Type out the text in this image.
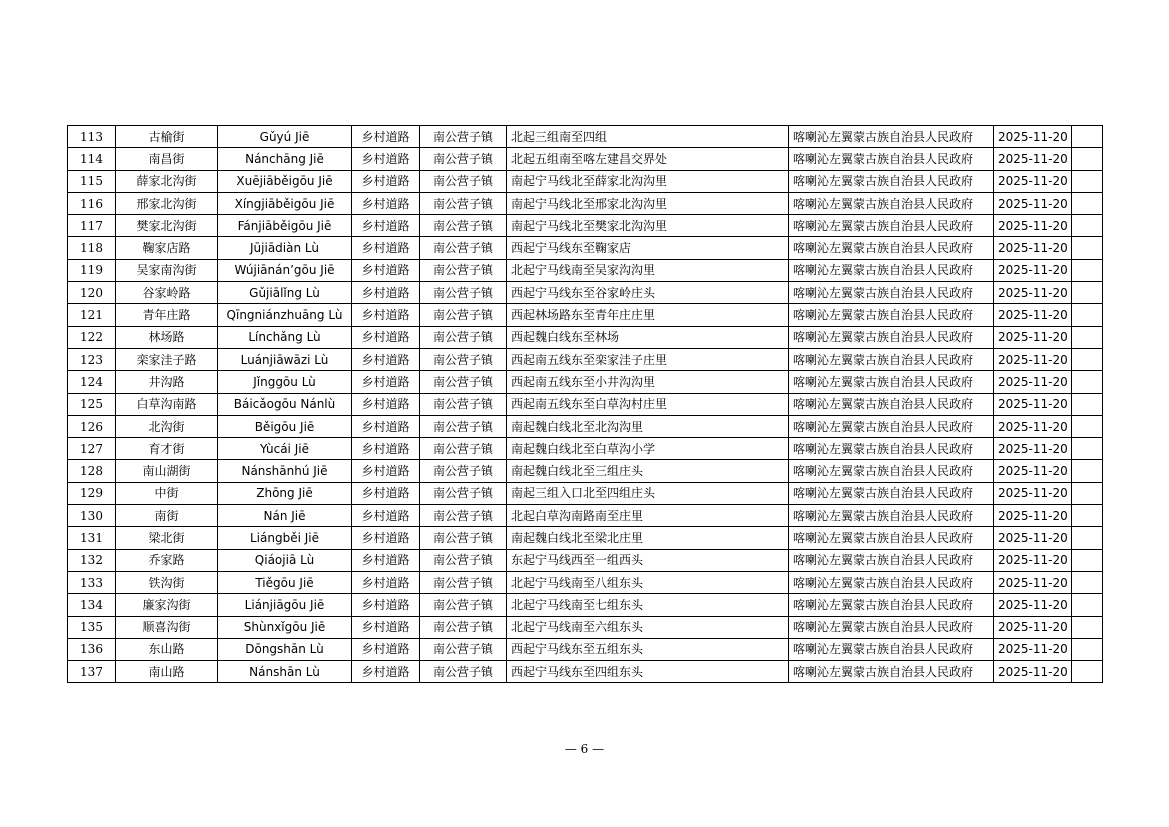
113	古榆街	Gǔyú Jiē	乡村道路	南公营子镇	北起三组南至四组	喀喇沁左翼蒙古族自治县人民政府	2025-11-20	
114	南昌街	Nánchāng Jiē	乡村道路	南公营子镇	北起五组南至喀左建昌交界处	喀喇沁左翼蒙古族自治县人民政府	2025-11-20	
115	薛家北沟街	Xuējiāběigōu Jiē	乡村道路	南公营子镇	南起宁马线北至薛家北沟沟里	喀喇沁左翼蒙古族自治县人民政府	2025-11-20	
116	邢家北沟街	Xíngjiāběigōu Jiē	乡村道路	南公营子镇	南起宁马线北至邢家北沟沟里	喀喇沁左翼蒙古族自治县人民政府	2025-11-20	
117	樊家北沟街	Fánjiāběigōu Jiē	乡村道路	南公营子镇	南起宁马线北至樊家北沟沟里	喀喇沁左翼蒙古族自治县人民政府	2025-11-20	
118	鞠家店路	Jūjiādiàn Lù	乡村道路	南公营子镇	西起宁马线东至鞠家店	喀喇沁左翼蒙古族自治县人民政府	2025-11-20	
119	吴家南沟街	Wújiānán’gōu Jiē	乡村道路	南公营子镇	北起宁马线南至吴家沟沟里	喀喇沁左翼蒙古族自治县人民政府	2025-11-20	
120	谷家岭路	Gǔjiālǐng Lù	乡村道路	南公营子镇	西起宁马线东至谷家岭庄头	喀喇沁左翼蒙古族自治县人民政府	2025-11-20	
121	青年庄路	Qīngniánzhuāng Lù	乡村道路	南公营子镇	西起林场路东至青年庄庄里	喀喇沁左翼蒙古族自治县人民政府	2025-11-20	
122	林场路	Línchǎng Lù	乡村道路	南公营子镇	西起魏白线东至林场	喀喇沁左翼蒙古族自治县人民政府	2025-11-20	
123	栾家洼子路	Luánjiāwāzi Lù	乡村道路	南公营子镇	西起南五线东至栾家洼子庄里	喀喇沁左翼蒙古族自治县人民政府	2025-11-20	
124	井沟路	Jǐnggōu Lù	乡村道路	南公营子镇	西起南五线东至小井沟沟里	喀喇沁左翼蒙古族自治县人民政府	2025-11-20	
125	白草沟南路	Báicǎogōu Nánlù	乡村道路	南公营子镇	西起南五线东至白草沟村庄里	喀喇沁左翼蒙古族自治县人民政府	2025-11-20	
126	北沟街	Běigōu Jiē	乡村道路	南公营子镇	南起魏白线北至北沟沟里	喀喇沁左翼蒙古族自治县人民政府	2025-11-20	
127	育才街	Yùcái Jiē	乡村道路	南公营子镇	南起魏白线北至白草沟小学	喀喇沁左翼蒙古族自治县人民政府	2025-11-20	
128	南山湖街	Nánshānhú Jiē	乡村道路	南公营子镇	南起魏白线北至三组庄头	喀喇沁左翼蒙古族自治县人民政府	2025-11-20	
129	中街	Zhōng Jiē	乡村道路	南公营子镇	南起三组入口北至四组庄头	喀喇沁左翼蒙古族自治县人民政府	2025-11-20	
130	南街	Nán Jiē	乡村道路	南公营子镇	北起白草沟南路南至庄里	喀喇沁左翼蒙古族自治县人民政府	2025-11-20	
131	梁北街	Liángběi Jiē	乡村道路	南公营子镇	南起魏白线北至梁北庄里	喀喇沁左翼蒙古族自治县人民政府	2025-11-20	
132	乔家路	Qiáojiā Lù	乡村道路	南公营子镇	东起宁马线西至一组西头	喀喇沁左翼蒙古族自治县人民政府	2025-11-20	
133	铁沟街	Tiěgōu Jiē	乡村道路	南公营子镇	北起宁马线南至八组东头	喀喇沁左翼蒙古族自治县人民政府	2025-11-20	
134	廉家沟街	Liánjiāgōu Jiē	乡村道路	南公营子镇	北起宁马线南至七组东头	喀喇沁左翼蒙古族自治县人民政府	2025-11-20	
135	顺喜沟街	Shùnxǐgōu Jiē	乡村道路	南公营子镇	北起宁马线南至六组东头	喀喇沁左翼蒙古族自治县人民政府	2025-11-20	
136	东山路	Dōngshān Lù	乡村道路	南公营子镇	西起宁马线东至五组东头	喀喇沁左翼蒙古族自治县人民政府	2025-11-20	
137	南山路	Nánshān Lù	乡村道路	南公营子镇	西起宁马线东至四组东头	喀喇沁左翼蒙古族自治县人民政府	2025-11-20	
— 6 —
